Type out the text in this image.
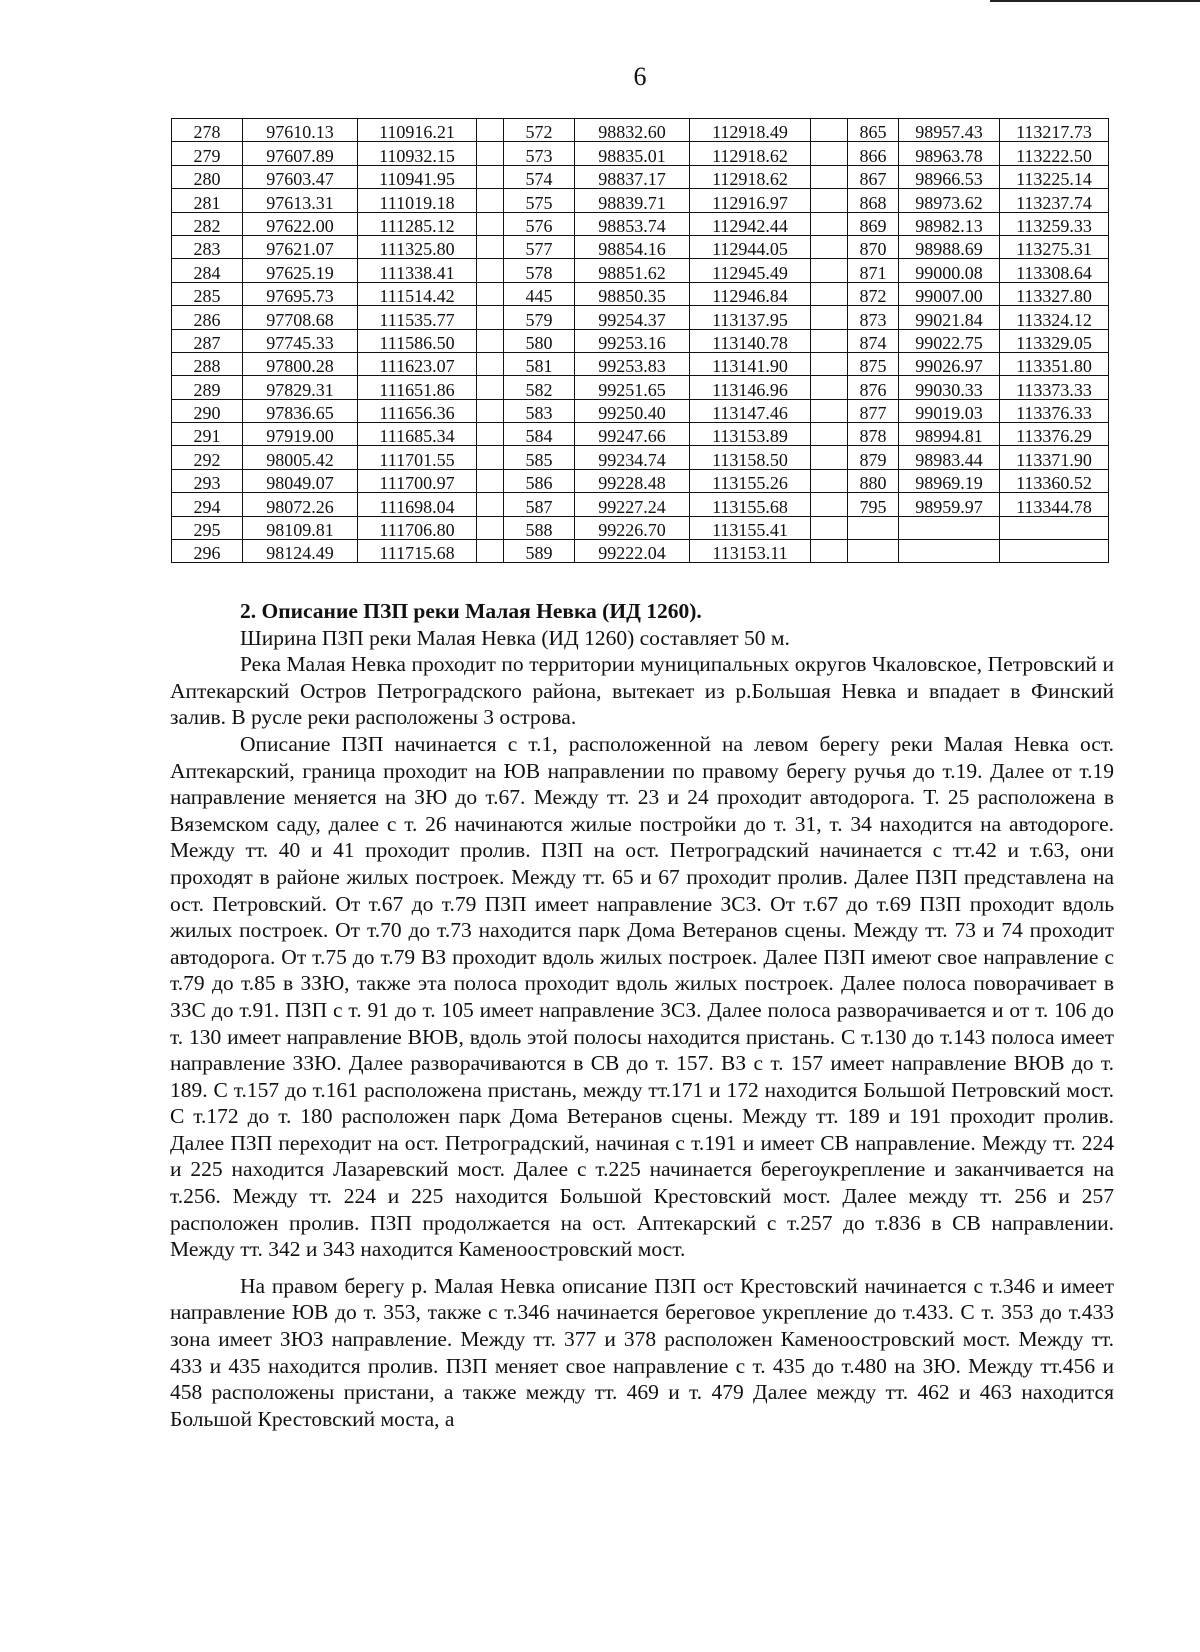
6
278	97610.13	110916.21		572	98832.60	112918.49		865	98957.43	113217.73
279	97607.89	110932.15		573	98835.01	112918.62		866	98963.78	113222.50
280	97603.47	110941.95		574	98837.17	112918.62		867	98966.53	113225.14
281	97613.31	111019.18		575	98839.71	112916.97		868	98973.62	113237.74
282	97622.00	111285.12		576	98853.74	112942.44		869	98982.13	113259.33
283	97621.07	111325.80		577	98854.16	112944.05		870	98988.69	113275.31
284	97625.19	111338.41		578	98851.62	112945.49		871	99000.08	113308.64
285	97695.73	111514.42		445	98850.35	112946.84		872	99007.00	113327.80
286	97708.68	111535.77		579	99254.37	113137.95		873	99021.84	113324.12
287	97745.33	111586.50		580	99253.16	113140.78		874	99022.75	113329.05
288	97800.28	111623.07		581	99253.83	113141.90		875	99026.97	113351.80
289	97829.31	111651.86		582	99251.65	113146.96		876	99030.33	113373.33
290	97836.65	111656.36		583	99250.40	113147.46		877	99019.03	113376.33
291	97919.00	111685.34		584	99247.66	113153.89		878	98994.81	113376.29
292	98005.42	111701.55		585	99234.74	113158.50		879	98983.44	113371.90
293	98049.07	111700.97		586	99228.48	113155.26		880	98969.19	113360.52
294	98072.26	111698.04		587	99227.24	113155.68		795	98959.97	113344.78
295	98109.81	111706.80		588	99226.70	113155.41				
296	98124.49	111715.68		589	99222.04	113153.11				

2. Описание ПЗП реки Малая Невка (ИД 1260).

Ширина ПЗП реки Малая Невка (ИД 1260) составляет 50 м.

Река Малая Невка проходит по территории муниципальных округов Чкаловское, Петровский и Аптекарский Остров Петроградского района, вытекает из р.Большая Невка и впадает в Финский залив. В русле реки расположены 3 острова.

Описание ПЗП начинается с т.1, расположенной на левом берегу реки Малая Невка ост. Аптекарский, граница проходит на ЮВ направлении по правому берегу ручья до т.19. Далее от т.19 направление меняется на ЗЮ до т.67. Между тт. 23 и 24 проходит автодорога. Т. 25 расположена в Вяземском саду, далее с т. 26 начинаются жилые постройки до т. 31, т. 34 находится на автодороге. Между тт. 40 и 41 проходит пролив. ПЗП на ост. Петроградский начинается с тт.42 и т.63, они проходят в районе жилых построек. Между тт. 65 и 67 проходит пролив. Далее ПЗП представлена на ост. Петровский. От т.67 до т.79 ПЗП имеет направление ЗСЗ. От т.67 до т.69 ПЗП проходит вдоль жилых построек. От т.70 до т.73 находится парк Дома Ветеранов сцены. Между тт. 73 и 74 проходит автодорога. От т.75 до т.79 ВЗ проходит вдоль жилых построек. Далее ПЗП имеют свое направление с т.79 до т.85 в ЗЗЮ, также эта полоса проходит вдоль жилых построек. Далее полоса поворачивает в ЗЗС до т.91. ПЗП с т. 91 до т. 105 имеет направление ЗСЗ. Далее полоса разворачивается и от т. 106 до т. 130 имеет направление ВЮВ, вдоль этой полосы находится пристань. С т.130 до т.143 полоса имеет направление ЗЗЮ. Далее разворачиваются в СВ до т. 157. ВЗ с т. 157 имеет направление ВЮВ до т. 189. С т.157 до т.161 расположена пристань, между тт.171 и 172 находится Большой Петровский мост. С т.172 до т. 180 расположен парк Дома Ветеранов сцены. Между тт. 189 и 191 проходит пролив. Далее ПЗП переходит на ост. Петроградский, начиная с т.191 и имеет СВ направление. Между тт. 224 и 225 находится Лазаревский мост. Далее с т.225 начинается берегоукрепление и заканчивается на т.256. Между тт. 224 и 225 находится Большой Крестовский мост. Далее между тт. 256 и 257 расположен пролив. ПЗП продолжается на ост. Аптекарский с т.257 до т.836 в СВ направлении. Между тт. 342 и 343 находится Каменоостровский мост.

На правом берегу р. Малая Невка описание ПЗП ост Крестовский начинается с т.346 и имеет направление ЮВ до т. 353, также с т.346 начинается береговое укрепление до т.433. С т. 353 до т.433 зона имеет ЗЮЗ направление. Между тт. 377 и 378 расположен Каменоостровский мост. Между тт. 433 и 435 находится пролив. ПЗП меняет свое направление с т. 435 до т.480 на ЗЮ. Между тт.456 и 458 расположены пристани, а также между тт. 469 и т. 479 Далее между тт. 462 и 463 находится Большой Крестовский моста, а
